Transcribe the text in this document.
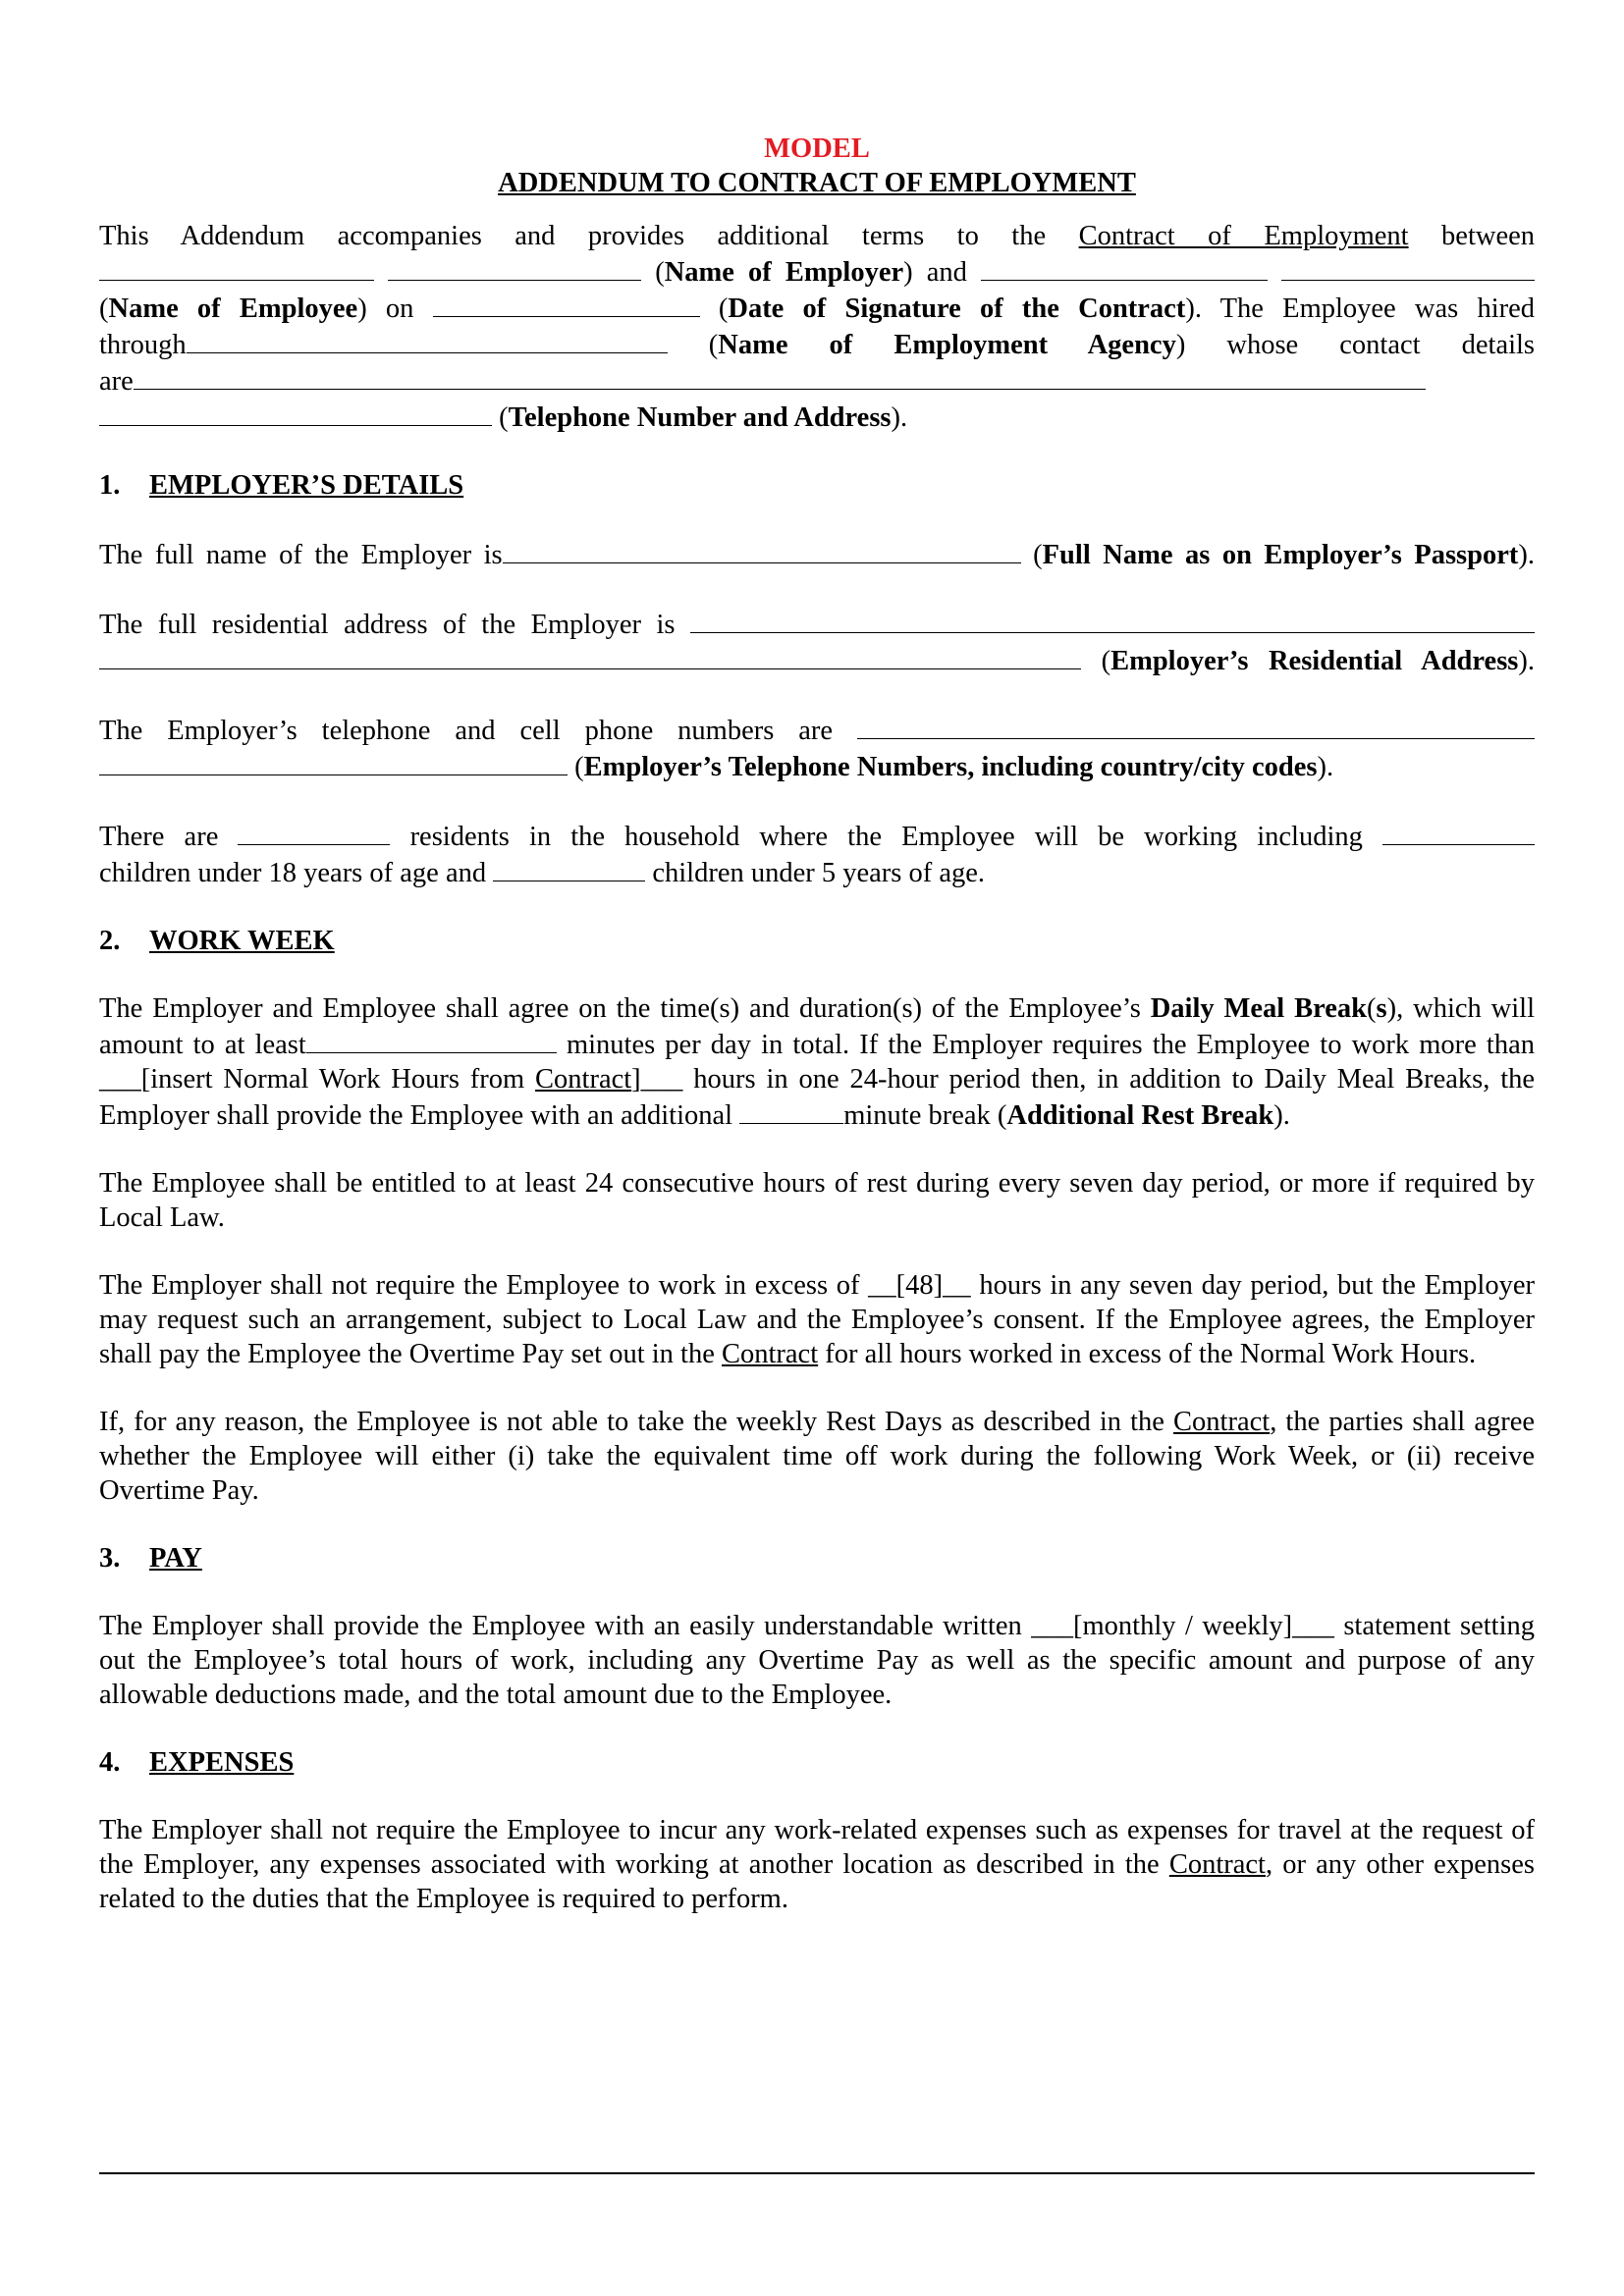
MODEL
ADDENDUM TO CONTRACT OF EMPLOYMENT
This Addendum accompanies and provides additional terms to the Contract of Employment between
(Name of Employer) and
(Name of Employee) on	(Date of Signature of the Contract). The Employee was hired
through	(Name of Employment Agency) whose contact details
are
(Telephone Number and Address).
1.	EMPLOYER’S DETAILS

The full name of the Employer is	(Full Name as on Employer’s Passport).

The full residential address of the Employer is
(Employer’s Residential Address).

The Employer’s telephone and cell phone numbers are
(Employer’s Telephone Numbers, including country/city codes).

There are	residents in the household where the Employee will be working including
children under 18 years of age and	children under 5 years of age.

2.	WORK WEEK

The Employer and Employee shall agree on the time(s) and duration(s) of the Employee’s Daily Meal Break(s), which will amount to at least	minutes per day in total. If the Employer requires the Employee to work more than ___[insert Normal Work Hours from Contract]___ hours in one 24-hour period then, in addition to Daily Meal Breaks, the Employer shall provide the Employee with an additional	minute break (Additional Rest Break).

The Employee shall be entitled to at least 24 consecutive hours of rest during every seven day period, or more if required by Local Law.

The Employer shall not require the Employee to work in excess of __[48]__ hours in any seven day period, but the Employer may request such an arrangement, subject to Local Law and the Employee’s consent. If the Employee agrees, the Employer shall pay the Employee the Overtime Pay set out in the Contract for all hours worked in excess of the Normal Work Hours.

If, for any reason, the Employee is not able to take the weekly Rest Days as described in the Contract, the parties shall agree whether the Employee will either (i) take the equivalent time off work during the following Work Week, or (ii) receive Overtime Pay.

3.	PAY

The Employer shall provide the Employee with an easily understandable written ___[monthly / weekly]___ statement setting out the Employee’s total hours of work, including any Overtime Pay as well as the specific amount and purpose of any allowable deductions made, and the total amount due to the Employee.

4.	EXPENSES

The Employer shall not require the Employee to incur any work-related expenses such as expenses for travel at the request of the Employer, any expenses associated with working at another location as described in the Contract, or any other expenses related to the duties that the Employee is required to perform.
